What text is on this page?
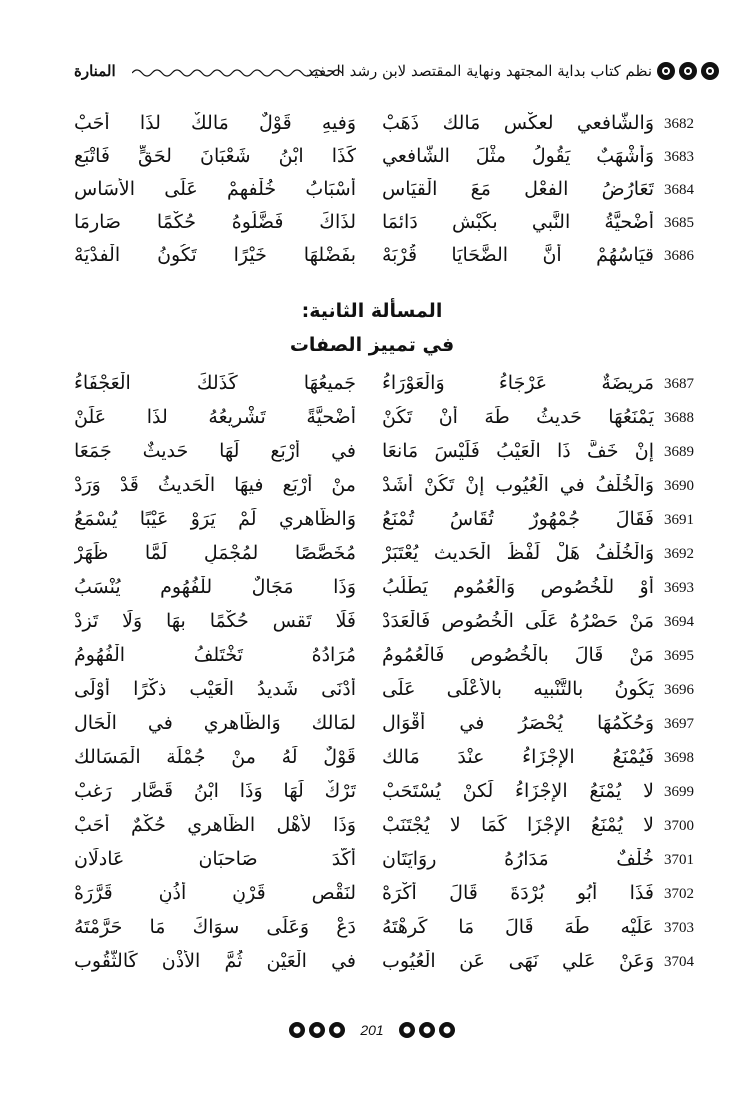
المنارة	نظم كتاب بداية المجتهد ونهاية المقتصد لابن رشد الحفيد
3682
وَالشَّافعي لعكْس مَالك ذَهَبْ
وَفيهِ قَوْلٌ مَالكٌ لذَا أَحَبْ
3683
وَأَشْهَبٌ يَقُولُ مثْلَ الشَّافعي
كَذَا ابْنُ شَعْبَانَ لحَقٍّ فَاتْبَعِ
3684
تَعَارُضُ الفعْل مَعَ الْقيَاس
أَسْبَابُ خُلْفهمْ عَلَى الأَسَاس
3685
أُضْحيَّةُ النَّبي بكَبْش دَائمَا
لذَاكَ فَضَّلُوهُ حُكْمًا صَارمَا
3686
قيَاسُهُمْ أَنَّ الضَّحَايَا قُرْبَهْ
بفَضْلهَا خَيْرًا تَكُونُ الْفدْيَهْ
المسألة الثانية:
في تمييز الصفات
3687
مَريضَةٌ عَرْجَاءُ وَالْعَوْرَاءُ
جَميعُهَا كَذَلكَ الْعَجْفَاءُ
3688
يَمْنَعُهَا حَديثُ طَهَ أَنْ تَكُنْ
أُضْحيَّةً تَشْريعُهُ لذَا عَلَنْ
3689
إنْ خَفَّ ذَا الْعَيْبُ فَلَيْسَ مَانعَا
في أَرْبَعٍ لَهَا حَديثٌ جَمَعَا
3690
وَالْخُلْفُ في الْعُيُوب إنْ تَكُنْ أَشَدْ
منْ أَرْبَعٍ فيهَا الْحَديثُ قَدْ وَرَدْ
3691
فَقَالَ جُمْهُورٌ تُقَاسُ تُمْنَعُ
وَالظَّاهري لَمْ يَرَوْ عَيْبًا يُسْمَعُ
3692
وَالْخُلْفُ هَلْ لَفْظُ الْحَديث يُعْتَبَرْ
مُخَصَّصًا لمُجْمَلٍ لَمَّا ظَهَرْ
3693
أَوْ للْخُصُوص وَالْعُمُوم يَطْلُبُ
وَذَا مَجَالٌ للْفُهُوم يُنْسَبُ
3694
مَنْ حَصْرُهُ عَلَى الْخُصُوص فَالْعَدَدْ
فَلَا تَقس حُكْمًا بهَا وَلَا تَزدْ
3695
مَنْ قَالَ بالْخُصُوص فَالْعُمُومُ
مُرَادُهُ تَخْتَلفُ الْفُهُومُ
3696
يَكُونُ بالتَّنْبيه بالأَعْلَى عَلَى
أَدْنَى شَديدُ الْعَيْب ذكْرًا أَوْلَى
3697
وَحُكْمُهَا يُحْصَرُ في أَقْوَال
لمَالك وَالظَّاهري في الْحَال
3698
فَيُمْنَعُ الإِجْزَاءُ عنْدَ مَالك
قَوْلٌ لَهُ منْ جُمْلَة الْمَسَالك
3699
لا يُمْنَعُ الإِجْزَاءُ لَكنْ يُسْتَحَبْ
تَرْكٌ لَهَا وَذَا ابْنُ قَصَّارٍ رَغبْ
3700
لا يُمْنَعُ الإِجْزَا كَمَا لا يُجْتَنَبْ
وَذَا لأَهْل الظَّاهري حُكْمٌ أَحَبْ
3701
خُلْفٌ مَدَارُهُ روَايَتَان
أَكَّدَ صَاحبَان عَادلَان
3702
فَذَا أَبُو بُرْدَةَ قَالَ أَكْرَهْ
لنَقْص قَرْنٍ أُذُنٍ قَرَّرَهْ
3703
عَلَيْه طَهَ قَالَ مَا كَرهْتَهُ
دَعْ وَعَلَى سوَاكَ مَا حَرَّمْتَهُ
3704
وَعَنْ عَلي نَهَى عَن الْعُيُوب
في الْعَيْن ثُمَّ الأُذْن كَالثُّقُوب
201
